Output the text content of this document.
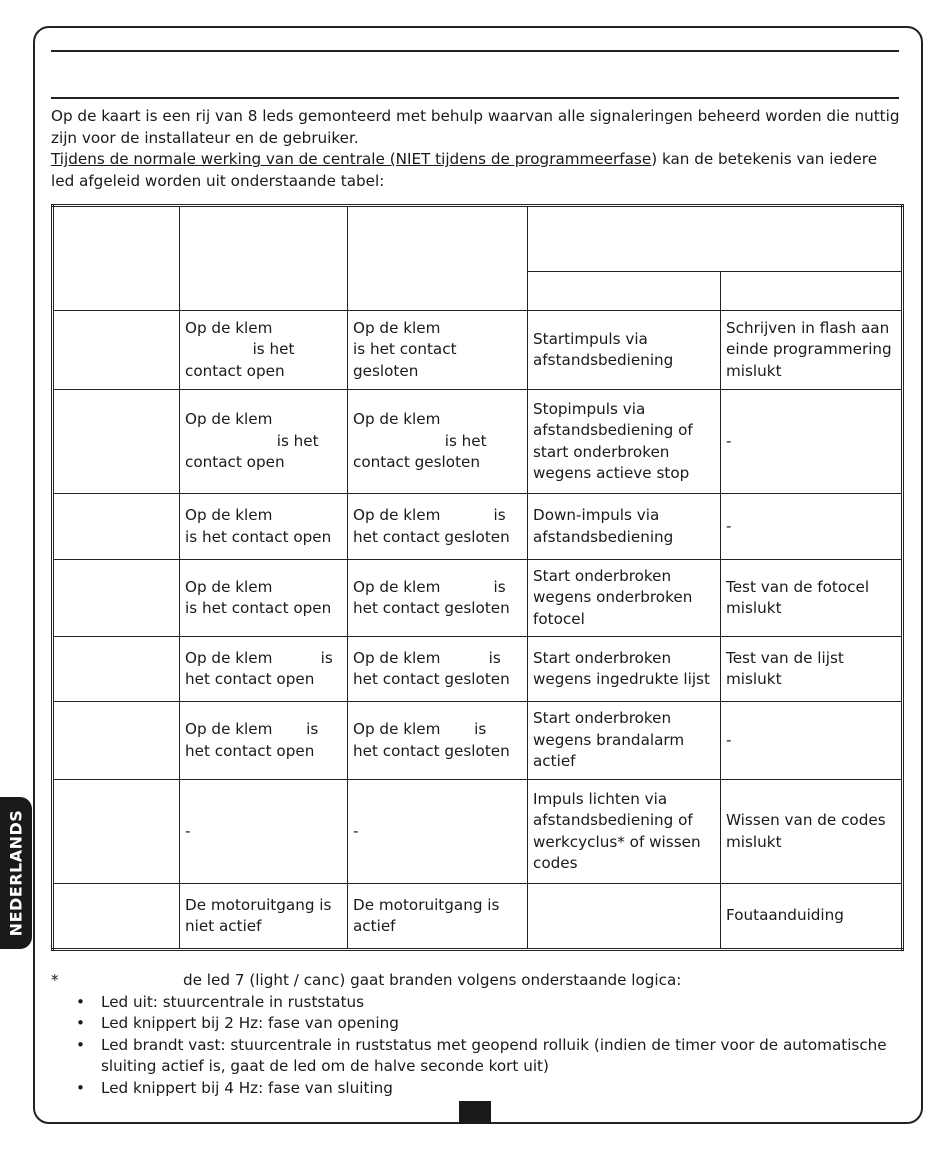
Op de kaart is een rij van 8 leds gemonteerd met behulp waarvan alle signaleringen beheerd worden die nuttig zijn voor de installateur en de gebruiker.

Tijdens de normale werking van de centrale (NIET tijdens de programmeerfase) kan de betekenis van iedere led afgeleid worden uit onderstaande tabel:

	Op de klem
is het
contact open	Op de klem
is het contact
gesloten	Startimpuls via
afstandsbediening	Schrijven in flash aan
einde programmering
mislukt
	Op de klem
is het
contact open	Op de klem
is het
contact gesloten	Stopimpuls via
afstandsbediening of
start onderbroken
wegens actieve stop	-
	Op de klem
is het contact open	Op de klem           is
het contact gesloten	Down-impuls via
afstandsbediening	-
	Op de klem
is het contact open	Op de klem           is
het contact gesloten	Start onderbroken
wegens onderbroken
fotocel	Test van de fotocel
mislukt
	Op de klem          is
het contact open	Op de klem          is
het contact gesloten	Start onderbroken
wegens ingedrukte lijst	Test van de lijst
mislukt
	Op de klem       is
het contact open	Op de klem       is
het contact gesloten	Start onderbroken
wegens brandalarm
actief	-
	-	-	Impuls lichten via
afstandsbediening of
werkcyclus* of wissen
codes	Wissen van de codes
mislukt
	De motoruitgang is
niet actief	De motoruitgang is
actief		Foutaanduiding
NEDERLANDS
*	de led 7 (light / canc) gaat branden volgens onderstaande logica:
• Led uit: stuurcentrale in ruststatus
• Led knippert bij 2 Hz: fase van opening
• Led brandt vast: stuurcentrale in ruststatus met geopend rolluik (indien de timer voor de automatische sluiting actief is, gaat de led om de halve seconde kort uit)
• Led knippert bij 4 Hz: fase van sluiting
